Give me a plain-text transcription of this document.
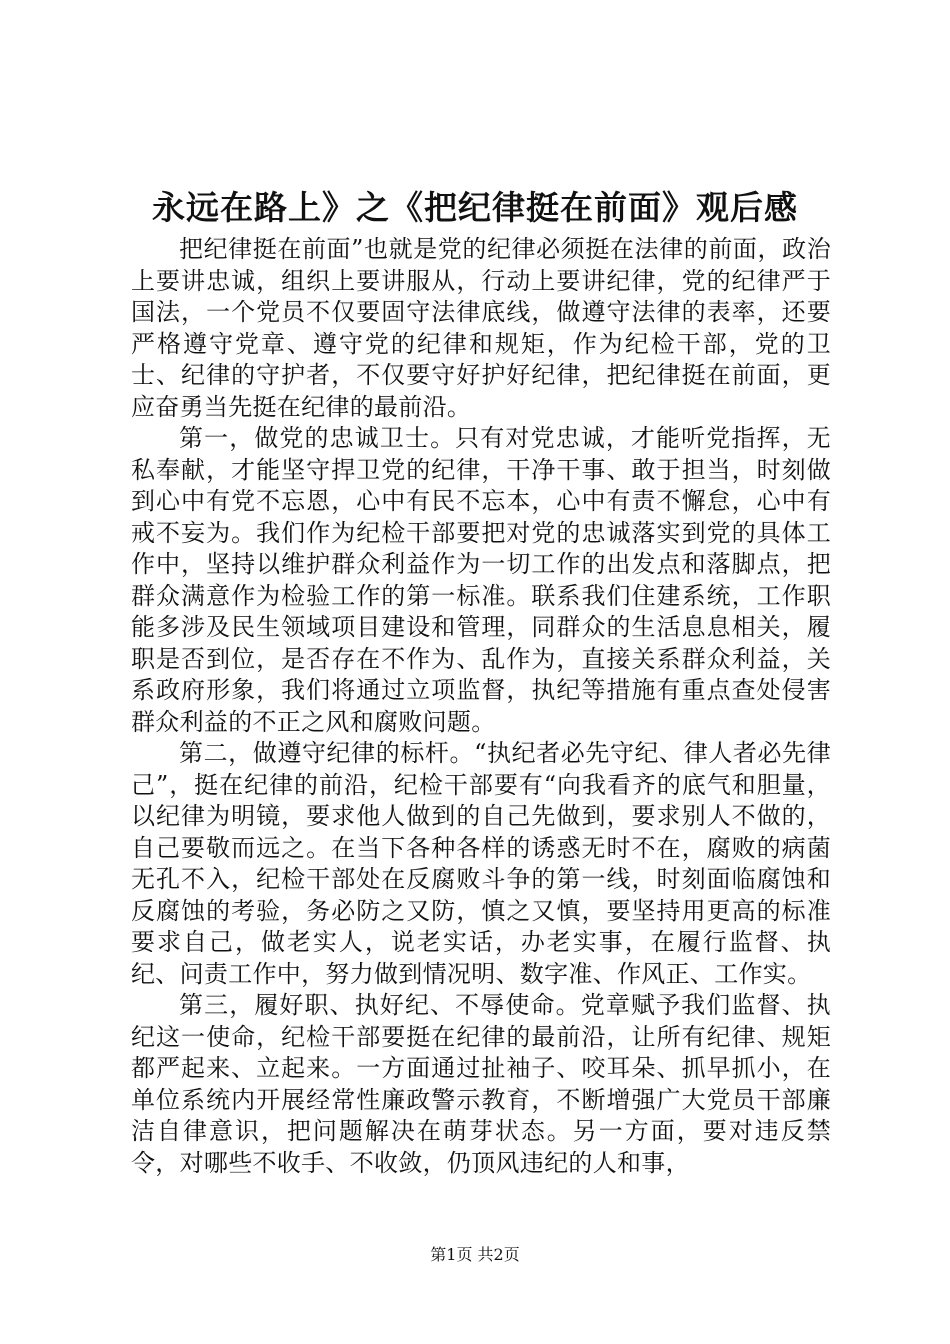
永远在路上》之《把纪律挺在前面》观后感

把纪律挺在前面”也就是党的纪律必须挺在法律的前面，政治上要讲忠诚，组织上要讲服从，行动上要讲纪律，党的纪律严于国法，一个党员不仅要固守法律底线，做遵守法律的表率，还要严格遵守党章、遵守党的纪律和规矩，作为纪检干部，党的卫士、纪律的守护者，不仅要守好护好纪律，把纪律挺在前面，更应奋勇当先挺在纪律的最前沿。

第一，做党的忠诚卫士。只有对党忠诚，才能听党指挥，无私奉献，才能坚守捍卫党的纪律，干净干事、敢于担当，时刻做到心中有党不忘恩，心中有民不忘本，心中有责不懈怠，心中有戒不妄为。我们作为纪检干部要把对党的忠诚落实到党的具体工作中，坚持以维护群众利益作为一切工作的出发点和落脚点，把群众满意作为检验工作的第一标准。联系我们住建系统，工作职能多涉及民生领域项目建设和管理，同群众的生活息息相关，履职是否到位，是否存在不作为、乱作为，直接关系群众利益，关系政府形象，我们将通过立项监督，执纪等措施有重点查处侵害群众利益的不正之风和腐败问题。

第二，做遵守纪律的标杆。“执纪者必先守纪、律人者必先律己”，挺在纪律的前沿，纪检干部要有“向我看齐的底气和胆量，以纪律为明镜，要求他人做到的自己先做到，要求别人不做的，自己要敬而远之。在当下各种各样的诱惑无时不在，腐败的病菌无孔不入，纪检干部处在反腐败斗争的第一线，时刻面临腐蚀和反腐蚀的考验，务必防之又防，慎之又慎，要坚持用更高的标准要求自己，做老实人，说老实话，办老实事，在履行监督、执纪、问责工作中，努力做到情况明、数字准、作风正、工作实。

第三，履好职、执好纪、不辱使命。党章赋予我们监督、执纪这一使命，纪检干部要挺在纪律的最前沿，让所有纪律、规矩都严起来、立起来。一方面通过扯袖子、咬耳朵、抓早抓小，在单位系统内开展经常性廉政警示教育，不断增强广大党员干部廉洁自律意识，把问题解决在萌芽状态。另一方面，要对违反禁令，对哪些不收手、不收敛，仍顶风违纪的人和事，

第1页 共2页
